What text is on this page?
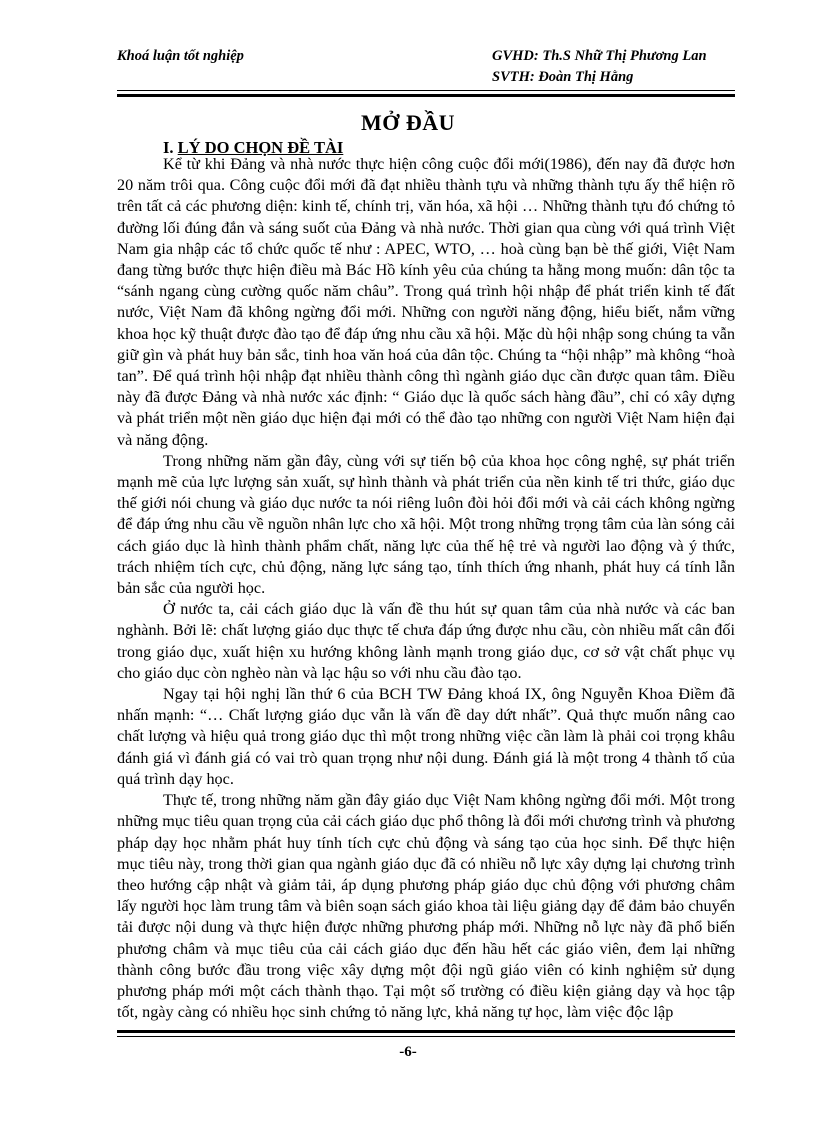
Khoá luận tốt nghiệp	GVHD: Th.S Nhữ Thị Phương Lan
SVTH: Đoàn Thị Hằng
MỞ ĐẦU
I. LÝ DO CHỌN ĐỀ TÀI

Kể từ khi Đảng và nhà nước thực hiện công cuộc đổi mới(1986), đến nay đã được hơn 20 năm trôi qua. Công cuộc đổi mới đã đạt nhiều thành tựu và những thành tựu ấy thể hiện rõ trên tất cả các phương diện: kinh tế, chính trị, văn hóa, xã hội … Những thành tựu đó chứng tỏ đường lối đúng đắn và sáng suốt của Đảng và nhà nước. Thời gian qua cùng với quá trình Việt Nam gia nhập các tổ chức quốc tế như : APEC, WTO, … hoà cùng bạn bè thế giới, Việt Nam đang từng bước thực hiện điều mà Bác Hồ kính yêu của chúng ta hằng mong muốn: dân tộc ta “sánh ngang cùng cường quốc năm châu”. Trong quá trình hội nhập để phát triển kinh tế đất nước, Việt Nam đã không ngừng đổi mới. Những con người năng động, hiểu biết, nắm vững khoa học kỹ thuật được đào tạo để đáp ứng nhu cầu xã hội. Mặc dù hội nhập song chúng ta vẫn giữ gìn và phát huy bản sắc, tinh hoa văn hoá của dân tộc. Chúng ta “hội nhập” mà không “hoà tan”. Để quá trình hội nhập đạt nhiều thành công thì ngành giáo dục cần được quan tâm. Điều này đã được Đảng và nhà nước xác định: “ Giáo dục là quốc sách hàng đầu”, chỉ có xây dựng và phát triển một nền giáo dục hiện đại mới có thể đào tạo những con người Việt Nam hiện đại và năng động.

Trong những năm gần đây, cùng với sự tiến bộ của khoa học công nghệ, sự phát triển mạnh mẽ của lực lượng sản xuất, sự hình thành và phát triển của nền kinh tế tri thức, giáo dục thế giới nói chung và giáo dục nước ta nói riêng luôn đòi hỏi đổi mới và cải cách không ngừng để đáp ứng nhu cầu về nguồn nhân lực cho xã hội. Một trong những trọng tâm của làn sóng cải cách giáo dục là hình thành phẩm chất, năng lực của thế hệ trẻ và người lao động và ý thức, trách nhiệm tích cực, chủ động, năng lực sáng tạo, tính thích ứng nhanh, phát huy cá tính lẫn bản sắc của người học.

Ở nước ta, cải cách giáo dục là vấn đề thu hút sự quan tâm của nhà nước và các ban nghành. Bởi lẽ: chất lượng giáo dục thực tế chưa đáp ứng được nhu cầu, còn nhiều mất cân đối trong giáo dục, xuất hiện xu hướng không lành mạnh trong giáo dục, cơ sở vật chất phục vụ cho giáo dục còn nghèo nàn và lạc hậu so với nhu cầu đào tạo.

Ngay tại hội nghị lần thứ 6 của BCH TW Đảng khoá IX, ông Nguyễn Khoa Điềm đã nhấn mạnh: “… Chất lượng giáo dục vẫn là vấn đề day dứt nhất”. Quả thực muốn nâng cao chất lượng và hiệu quả trong giáo dục thì một trong những việc cần làm là phải coi trọng khâu đánh giá vì đánh giá có vai trò quan trọng như nội dung. Đánh giá là một trong 4 thành tố của quá trình dạy học.

Thực tế, trong những năm gần đây giáo dục Việt Nam không ngừng đổi mới. Một trong những mục tiêu quan trọng của cải cách giáo dục phổ thông là đổi mới chương trình và phương pháp dạy học nhằm phát huy tính tích cực chủ động và sáng tạo của học sinh. Để thực hiện mục tiêu này, trong thời gian qua ngành giáo dục đã có nhiều nỗ lực xây dựng lại chương trình theo hướng cập nhật và giảm tải, áp dụng phương pháp giáo dục chủ động với phương châm lấy người học làm trung tâm và biên soạn sách giáo khoa tài liệu giảng dạy để đảm bảo chuyển tải được nội dung và thực hiện được những phương pháp mới. Những nỗ lực này đã phổ biến phương châm và mục tiêu của cải cách giáo dục đến hầu hết các giáo viên, đem lại những thành công bước đầu trong việc xây dựng một đội ngũ giáo viên có kinh nghiệm sử dụng phương pháp mới một cách thành thạo. Tại một số trường có điều kiện giảng dạy và học tập tốt, ngày càng có nhiều học sinh chứng tỏ năng lực, khả năng tự học, làm việc độc lập

-6-
